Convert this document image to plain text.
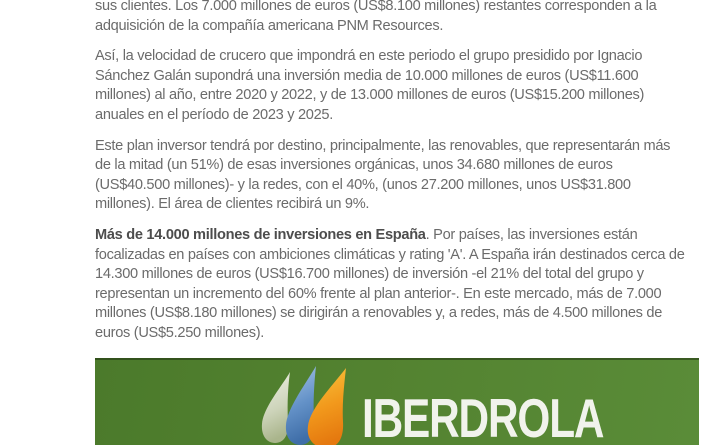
sus clientes. Los 7.000 millones de euros (US$8.100 millones) restantes corresponden a la adquisición de la compañía americana PNM Resources.

Así, la velocidad de crucero que impondrá en este periodo el grupo presidido por Ignacio Sánchez Galán supondrá una inversión media de 10.000 millones de euros (US$11.600 millones) al año, entre 2020 y 2022, y de 13.000 millones de euros (US$15.200 millones) anuales en el período de 2023 y 2025.

Este plan inversor tendrá por destino, principalmente, las renovables, que representarán más de la mitad (un 51%) de esas inversiones orgánicas, unos 34.680 millones de euros (US$40.500 millones)- y la redes, con el 40%, (unos 27.200 millones, unos US$31.800 millones). El área de clientes recibirá un 9%.

Más de 14.000 millones de inversiones en España. Por países, las inversiones están focalizadas en países con ambiciones climáticas y rating 'A'. A España irán destinados cerca de 14.300 millones de euros (US$16.700 millones) de inversión -el 21% del total del grupo y representan un incremento del 60% frente al plan anterior-. En este mercado, más de 7.000 millones (US$8.180 millones) se dirigirán a renovables y, a redes, más de 4.500 millones de euros (US$5.250 millones).

IBERDROLA
